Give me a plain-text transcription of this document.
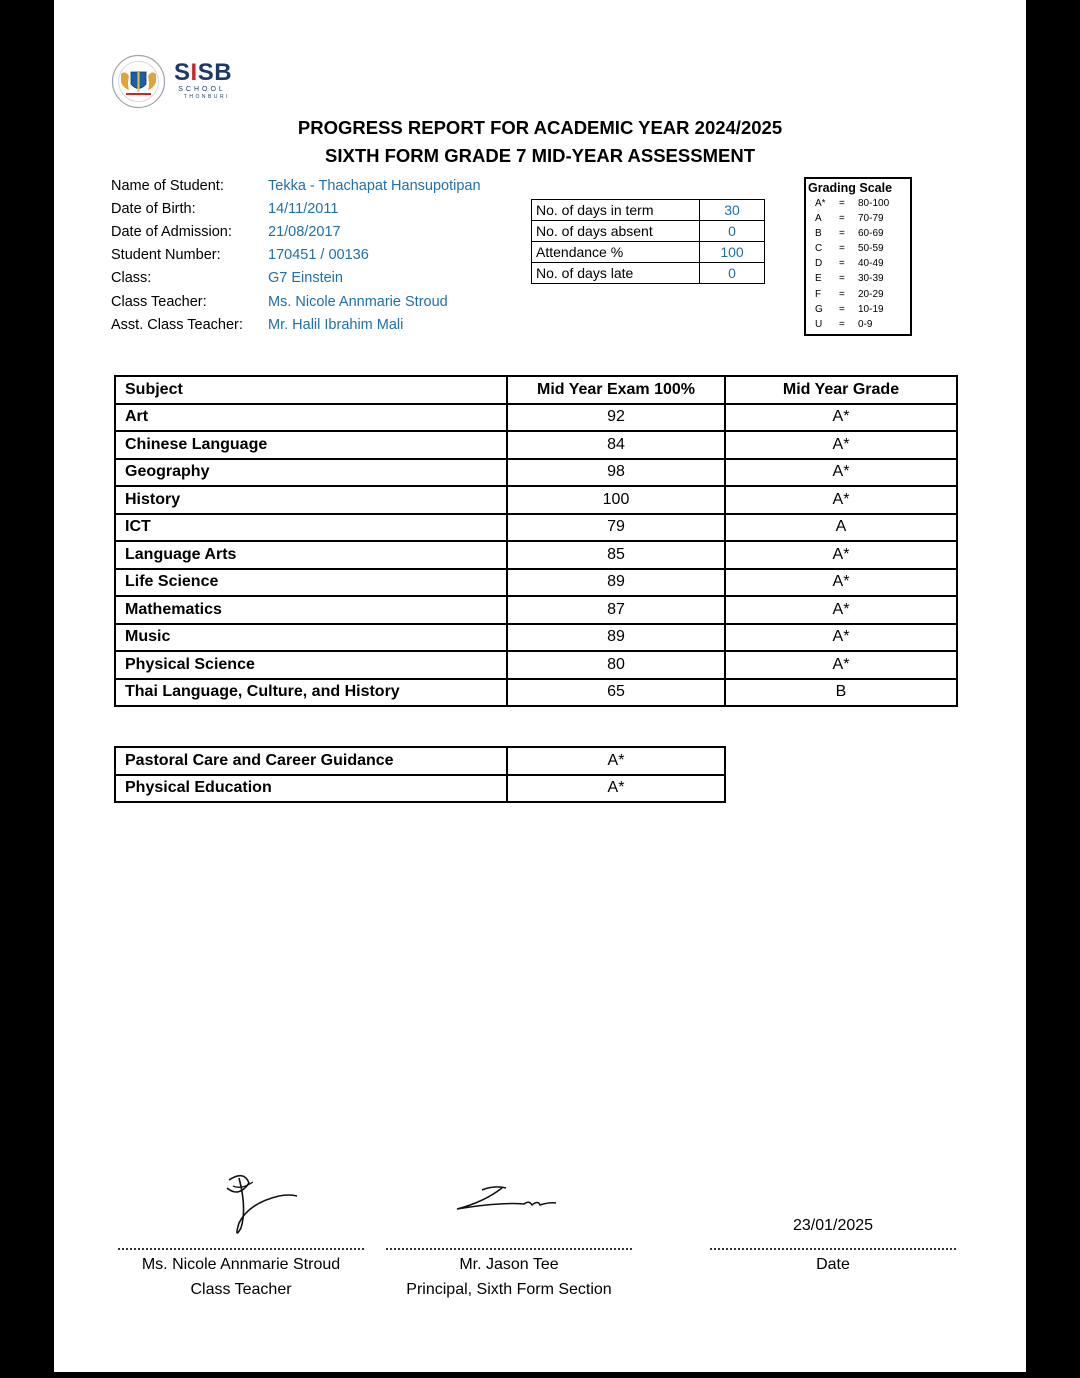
SISB
SCHOOL
THONBURI
PROGRESS REPORT FOR ACADEMIC YEAR 2024/2025
SIXTH FORM GRADE 7 MID-YEAR ASSESSMENT
Name of Student:	Tekka - Thachapat Hansupotipan
Date of Birth:	14/11/2011
Date of Admission: 21/08/2017
Student Number:	170451 / 00136
Class:	G7 Einstein
Class Teacher:	Ms. Nicole Annmarie Stroud
Asst. Class Teacher: Mr. Halil Ibrahim Mali
No. of days in term	30
No. of days absent	0
Attendance %	100
No. of days late	0
Grading Scale
A* = 80-100
A = 70-79
B = 60-69
C = 50-59
D = 40-49
E = 30-39
F = 20-29
G = 10-19
U = 0-9
Subject	Mid Year Exam 100%	Mid Year Grade
Art	92	A*
Chinese Language	84	A*
Geography	98	A*
History	100	A*
ICT	79	A
Language Arts	85	A*
Life Science	89	A*
Mathematics	87	A*
Music	89	A*
Physical Science	80	A*
Thai Language, Culture, and History	65	B
Pastoral Care and Career Guidance	A*
Physical Education	A*
Ms. Nicole Annmarie Stroud
Class Teacher
Mr. Jason Tee
Principal, Sixth Form Section
23/01/2025
Date
